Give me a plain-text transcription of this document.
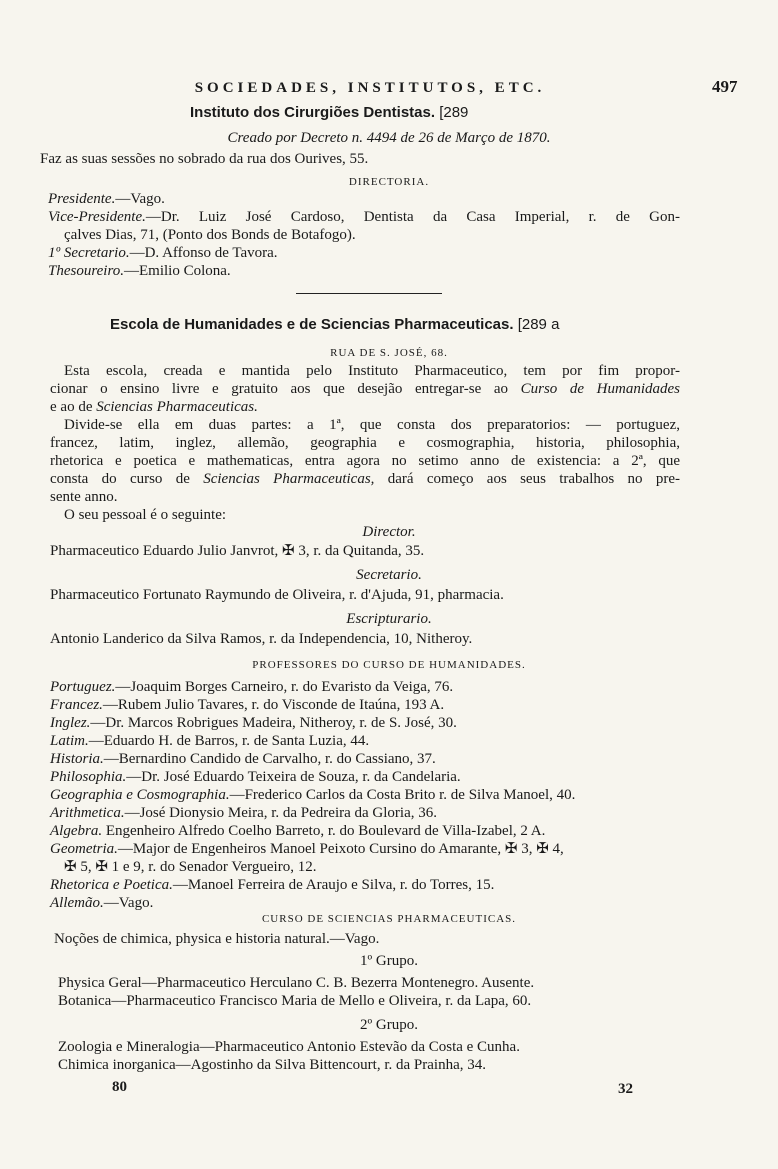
SOCIEDADES, INSTITUTOS, ETC.	497
Instituto dos Cirurgiões Dentistas. [289
Creado por Decreto n. 4494 de 26 de Março de 1870.
Faz as suas sessões no sobrado da rua dos Ourives, 55.
DIRECTORIA.
Presidente.—Vago.
Vice-Presidente.—Dr. Luiz José Cardoso, Dentista da Casa Imperial, r. de Gon-
çalves Dias, 71, (Ponto dos Bonds de Botafogo).
1º Secretario.—D. Affonso de Tavora.
Thesoureiro.—Emilio Colona.
Escola de Humanidades e de Sciencias Pharmaceuticas. [289 a
RUA DE S. JOSÉ, 68.
Esta escola, creada e mantida pelo Instituto Pharmaceutico, tem por fim propor-
cionar o ensino livre e gratuito aos que desejão entregar-se ao Curso de Humanidades
e ao de Sciencias Pharmaceuticas.
Divide-se ella em duas partes: a 1ª, que consta dos preparatorios: — portuguez,
francez, latim, inglez, allemão, geographia e cosmographia, historia, philosophia,
rhetorica e poetica e mathematicas, entra agora no setimo anno de existencia: a 2ª, que
consta do curso de Sciencias Pharmaceuticas, dará começo aos seus trabalhos no pre-
sente anno.
O seu pessoal é o seguinte:
Director.
Pharmaceutico Eduardo Julio Janvrot, ✠ 3, r. da Quitanda, 35.
Secretario.
Pharmaceutico Fortunato Raymundo de Oliveira, r. d'Ajuda, 91, pharmacia.
Escripturario.
Antonio Landerico da Silva Ramos, r. da Independencia, 10, Nitheroy.
PROFESSORES DO CURSO DE HUMANIDADES.
Portuguez.—Joaquim Borges Carneiro, r. do Evaristo da Veiga, 76.
Francez.—Rubem Julio Tavares, r. do Visconde de Itaúna, 193 A.
Inglez.—Dr. Marcos Robrigues Madeira, Nitheroy, r. de S. José, 30.
Latim.—Eduardo H. de Barros, r. de Santa Luzia, 44.
Historia.—Bernardino Candido de Carvalho, r. do Cassiano, 37.
Philosophia.—Dr. José Eduardo Teixeira de Souza, r. da Candelaria.
Geographia e Cosmographia.—Frederico Carlos da Costa Brito r. de Silva Manoel, 40.
Arithmetica.—José Dionysio Meira, r. da Pedreira da Gloria, 36.
Algebra. Engenheiro Alfredo Coelho Barreto, r. do Boulevard de Villa-Izabel, 2 A.
Geometria.—Major de Engenheiros Manoel Peixoto Cursino do Amarante, ✠ 3, ✠ 4,
✠ 5, ✠ 1 e 9, r. do Senador Vergueiro, 12.
Rhetorica e Poetica.—Manoel Ferreira de Araujo e Silva, r. do Torres, 15.
Allemão.—Vago.
CURSO DE SCIENCIAS PHARMACEUTICAS.
Noções de chimica, physica e historia natural.—Vago.
1º Grupo.
Physica Geral—Pharmaceutico Herculano C. B. Bezerra Montenegro. Ausente.
Botanica—Pharmaceutico Francisco Maria de Mello e Oliveira, r. da Lapa, 60.
2º Grupo.
Zoologia e Mineralogia—Pharmaceutico Antonio Estevão da Costa e Cunha.
Chimica inorganica—Agostinho da Silva Bittencourt, r. da Prainha, 34.
80	32
